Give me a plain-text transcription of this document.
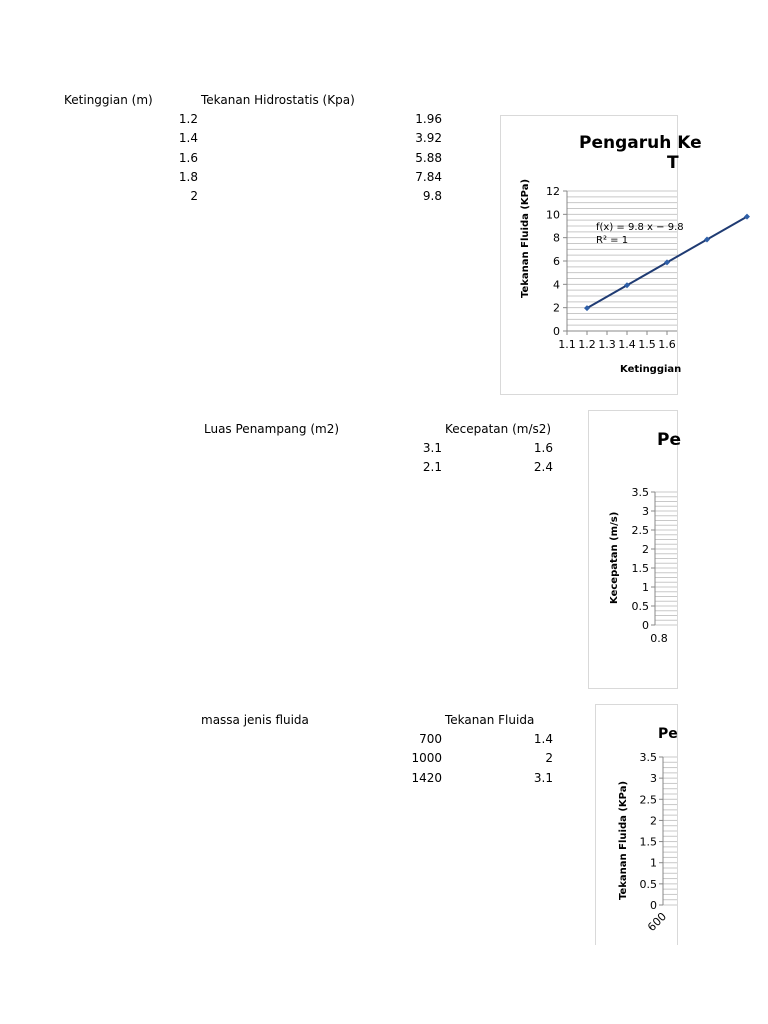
Ketinggian (m)	Tekanan Hidrostatis (Kpa)
1.2	1.96
1.4	3.92
1.6	5.88
1.8	7.84
2	9.8
Luas Penampang (m2)	Kecepatan (m/s2)
3.1	1.6
2.1	2.4
massa jenis fluida	Tekanan Fluida
700	1.4
1000	2
1420	3.1
Pengaruh Ke
T
Tekanan Fluida (KPa)
Ketinggian
0
2
4
6
8
10
12
1.1 1.2 1.3 1.4 1.5 1.6
f(x) = 9.8 x − 9.8
R² = 1
Pe
Kecepatan (m/s)
0
0.5
1
1.5
2
2.5
3
3.5
0.8
Pe
Tekanan Fluida (KPa)
0
0.5
1
1.5
2
2.5
3
3.5
600
